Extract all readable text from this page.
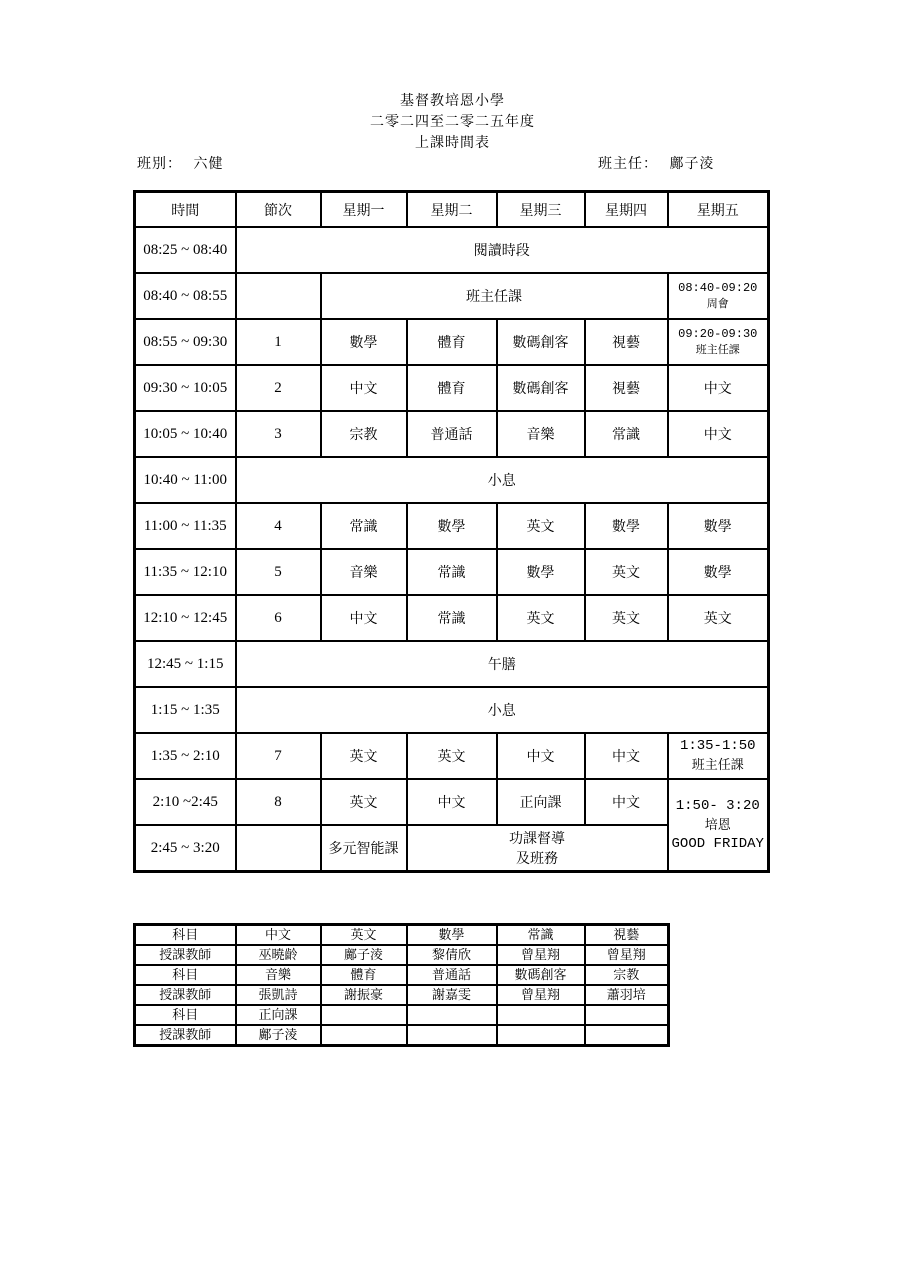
基督教培恩小學
二零二四至二零二五年度
上課時間表
班別： 六健	班主任： 鄺子淩
時間	節次	星期一	星期二	星期三	星期四	星期五
08:25 ~ 08:40	閱讀時段					
08:40 ~ 08:55		班主任課				08:40-09:20
周會

08:55 ~ 09:30	1	數學	體育	數碼創客	視藝	09:20-09:30
班主任課

09:30 ~ 10:05	2	中文	體育	數碼創客	視藝	中文
10:05 ~ 10:40	3	宗教	普通話	音樂	常識	中文
10:40 ~ 11:00	小息					
11:00 ~ 11:35	4	常識	數學	英文	數學	數學
11:35 ~ 12:10	5	音樂	常識	數學	英文	數學
12:10 ~ 12:45	6	中文	常識	英文	英文	英文
12:45 ~ 1:15	午膳					
1:15 ~ 1:35	小息					
1:35 ~ 2:10	7	英文	英文	中文	中文	1:35-1:50
班主任課

2:10 ~2:45	8	英文	中文	正向課	中文	1:50- 3:20
培恩
GOOD FRIDAY

2:45 ~ 3:20		多元智能課	功課督導
及班務			
科目	中文	英文	數學	常識	視藝
授課教師	巫曉齡	鄺子淩	黎倩欣	曾星翔	曾星翔
科目	音樂	體育	普通話	數碼創客	宗教
授課教師	張凱詩	謝振豪	謝嘉雯	曾星翔	蕭羽培
科目	正向課				
授課教師	鄺子淩				
